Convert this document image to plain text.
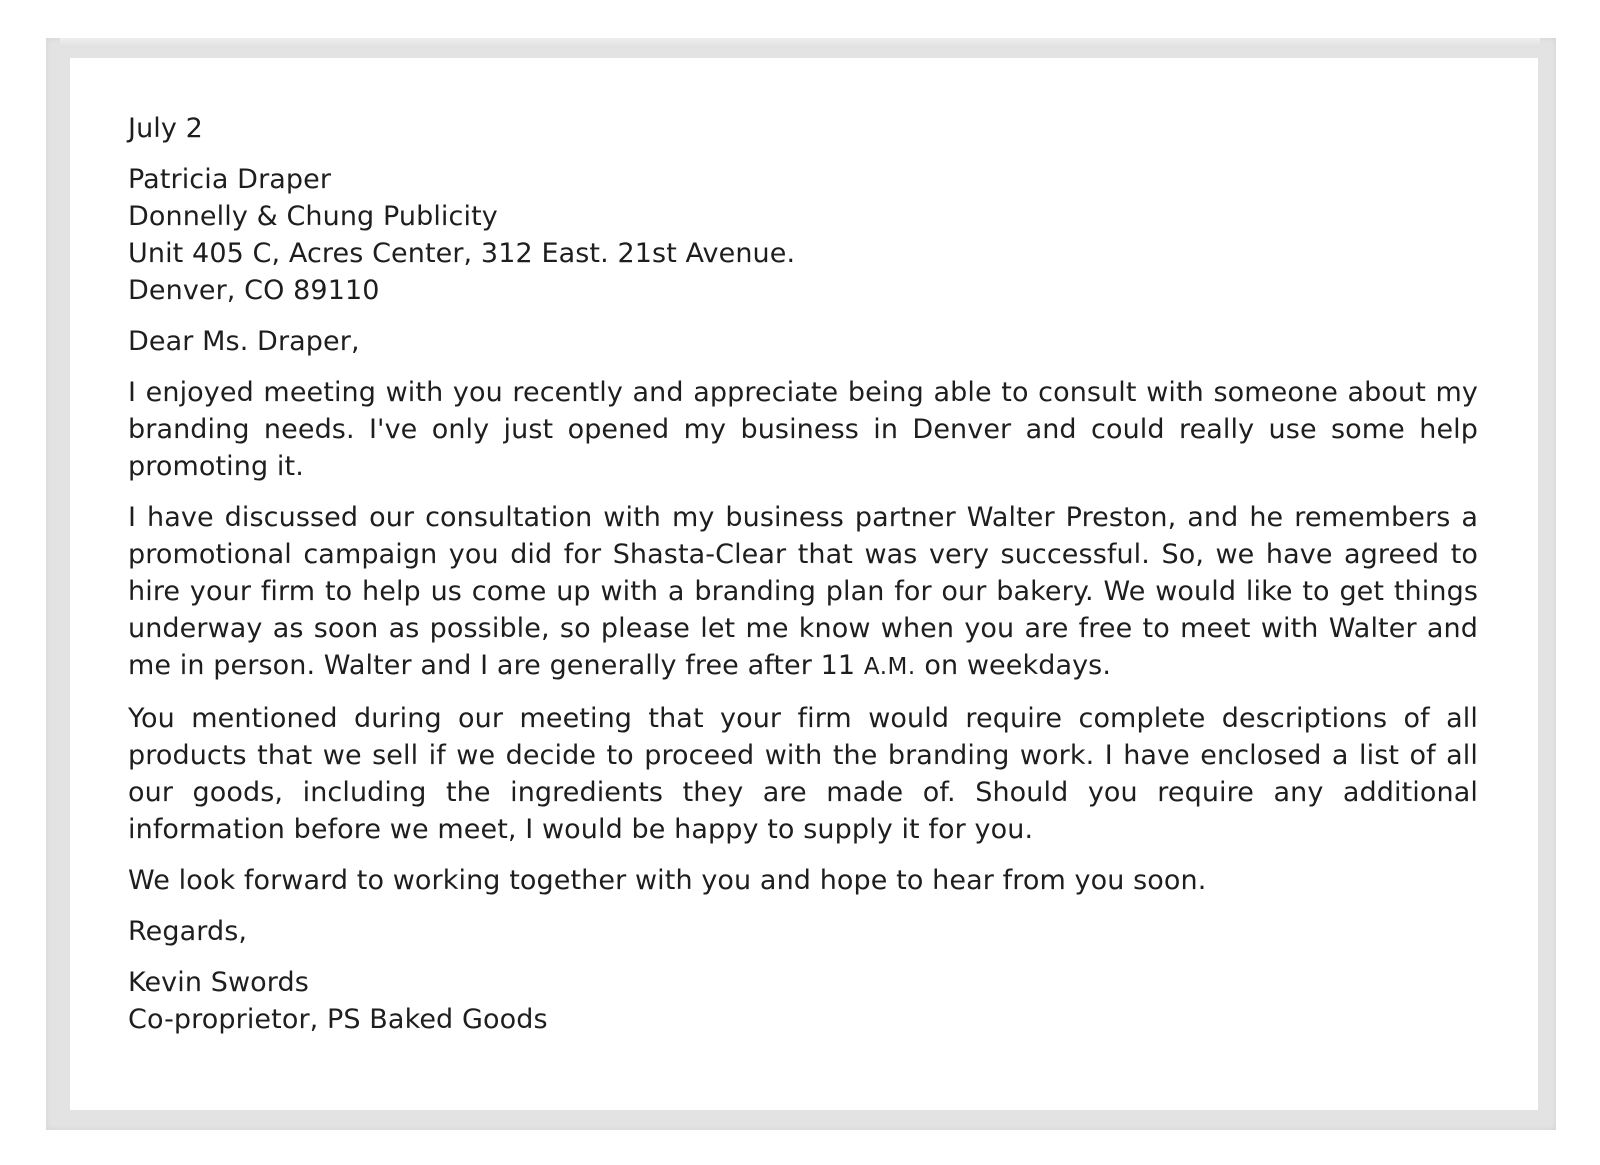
July 2
Patricia Draper
Donnelly & Chung Publicity
Unit 405 C, Acres Center, 312 East. 21st Avenue.
Denver, CO 89110
Dear Ms. Draper,

I enjoyed meeting with you recently and appreciate being able to consult with someone about my branding needs. I've only just opened my business in Denver and could really use some help promoting it.

I have discussed our consultation with my business partner Walter Preston, and he remembers a promotional campaign you did for Shasta-Clear that was very successful. So, we have agreed to hire your firm to help us come up with a branding plan for our bakery. We would like to get things underway as soon as possible, so please let me know when you are free to meet with Walter and me in person. Walter and I are generally free after 11 A.M. on weekdays.

You mentioned during our meeting that your firm would require complete descriptions of all products that we sell if we decide to proceed with the branding work. I have enclosed a list of all our goods, including the ingredients they are made of. Should you require any additional information before we meet, I would be happy to supply it for you.

We look forward to working together with you and hope to hear from you soon.
Regards,
Kevin Swords
Co-proprietor, PS Baked Goods
